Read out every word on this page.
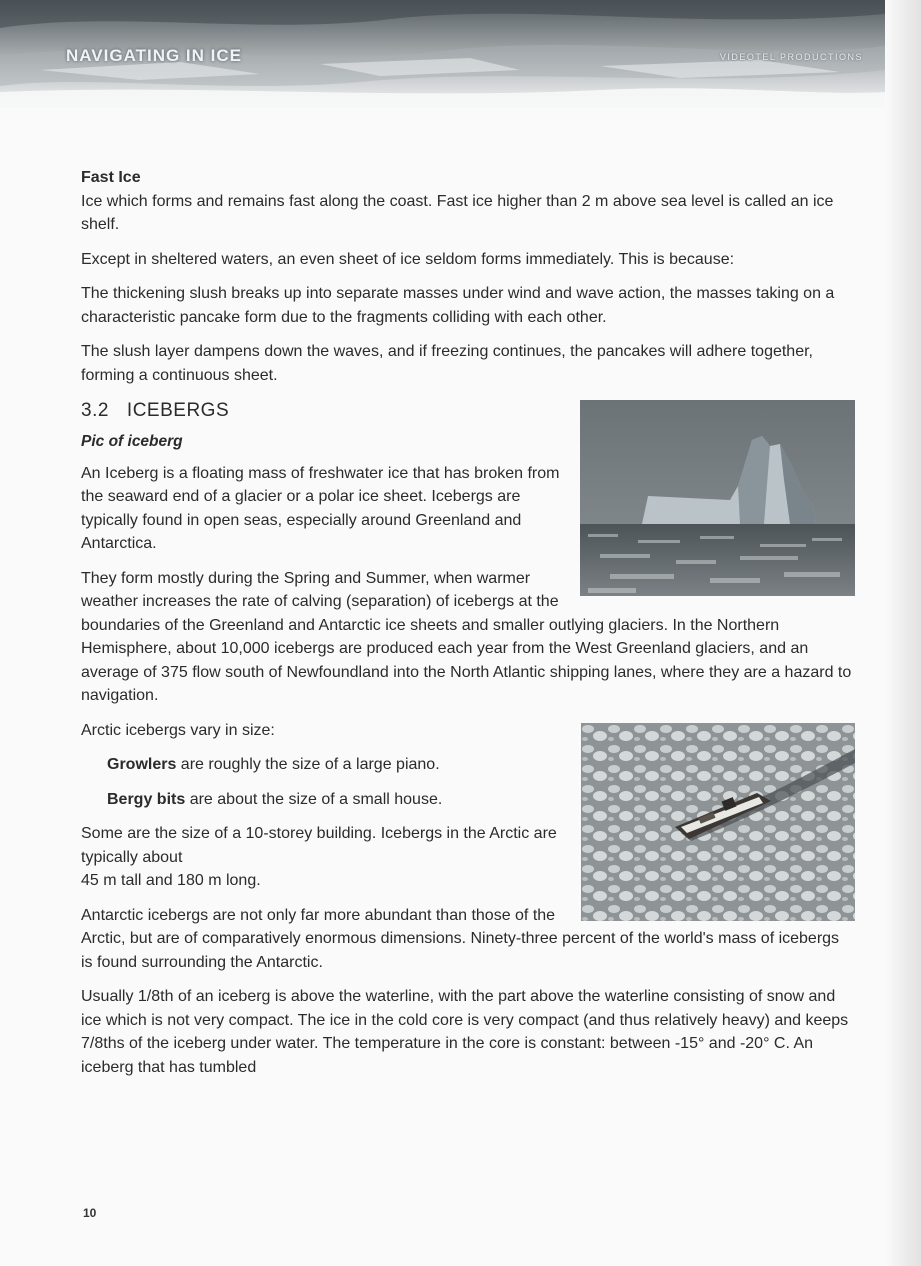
NAVIGATING IN ICE	VIDEOTEL PRODUCTIONS
Fast Ice

Ice which forms and remains fast along the coast. Fast ice higher than 2 m above sea level is called an ice shelf.

Except in sheltered waters, an even sheet of ice seldom forms immediately. This is because:

The thickening slush breaks up into separate masses under wind and wave action, the masses taking on a characteristic pancake form due to the fragments colliding with each other.

The slush layer dampens down the waves, and if freezing continues, the pancakes will adhere together, forming a continuous sheet.

3.2 ICEBERGS
Pic of iceberg

An Iceberg is a floating mass of freshwater ice that has broken from the seaward end of a glacier or a polar ice sheet. Icebergs are typically found in open seas, especially around Greenland and Antarctica.

They form mostly during the Spring and Summer, when warmer weather increases the rate of calving (separation) of icebergs at the boundaries of the Greenland and Antarctic ice sheets and smaller outlying glaciers. In the Northern Hemisphere, about 10,000 icebergs are produced each year from the West Greenland glaciers, and an average of 375 flow south of Newfoundland into the North Atlantic shipping lanes, where they are a hazard to navigation.

Arctic icebergs vary in size:

Growlers are roughly the size of a large piano.

Bergy bits are about the size of a small house.

Some are the size of a 10-storey building. Icebergs in the Arctic are typically about
45 m tall and 180 m long.

Antarctic icebergs are not only far more abundant than those of the Arctic, but are of comparatively enormous dimensions. Ninety-three percent of the world's mass of icebergs is found surrounding the Antarctic.

Usually 1/8th of an iceberg is above the waterline, with the part above the waterline consisting of snow and ice which is not very compact. The ice in the cold core is very compact (and thus relatively heavy) and keeps 7/8ths of the iceberg under water. The temperature in the core is constant: between -15° and -20° C. An iceberg that has tumbled

10
